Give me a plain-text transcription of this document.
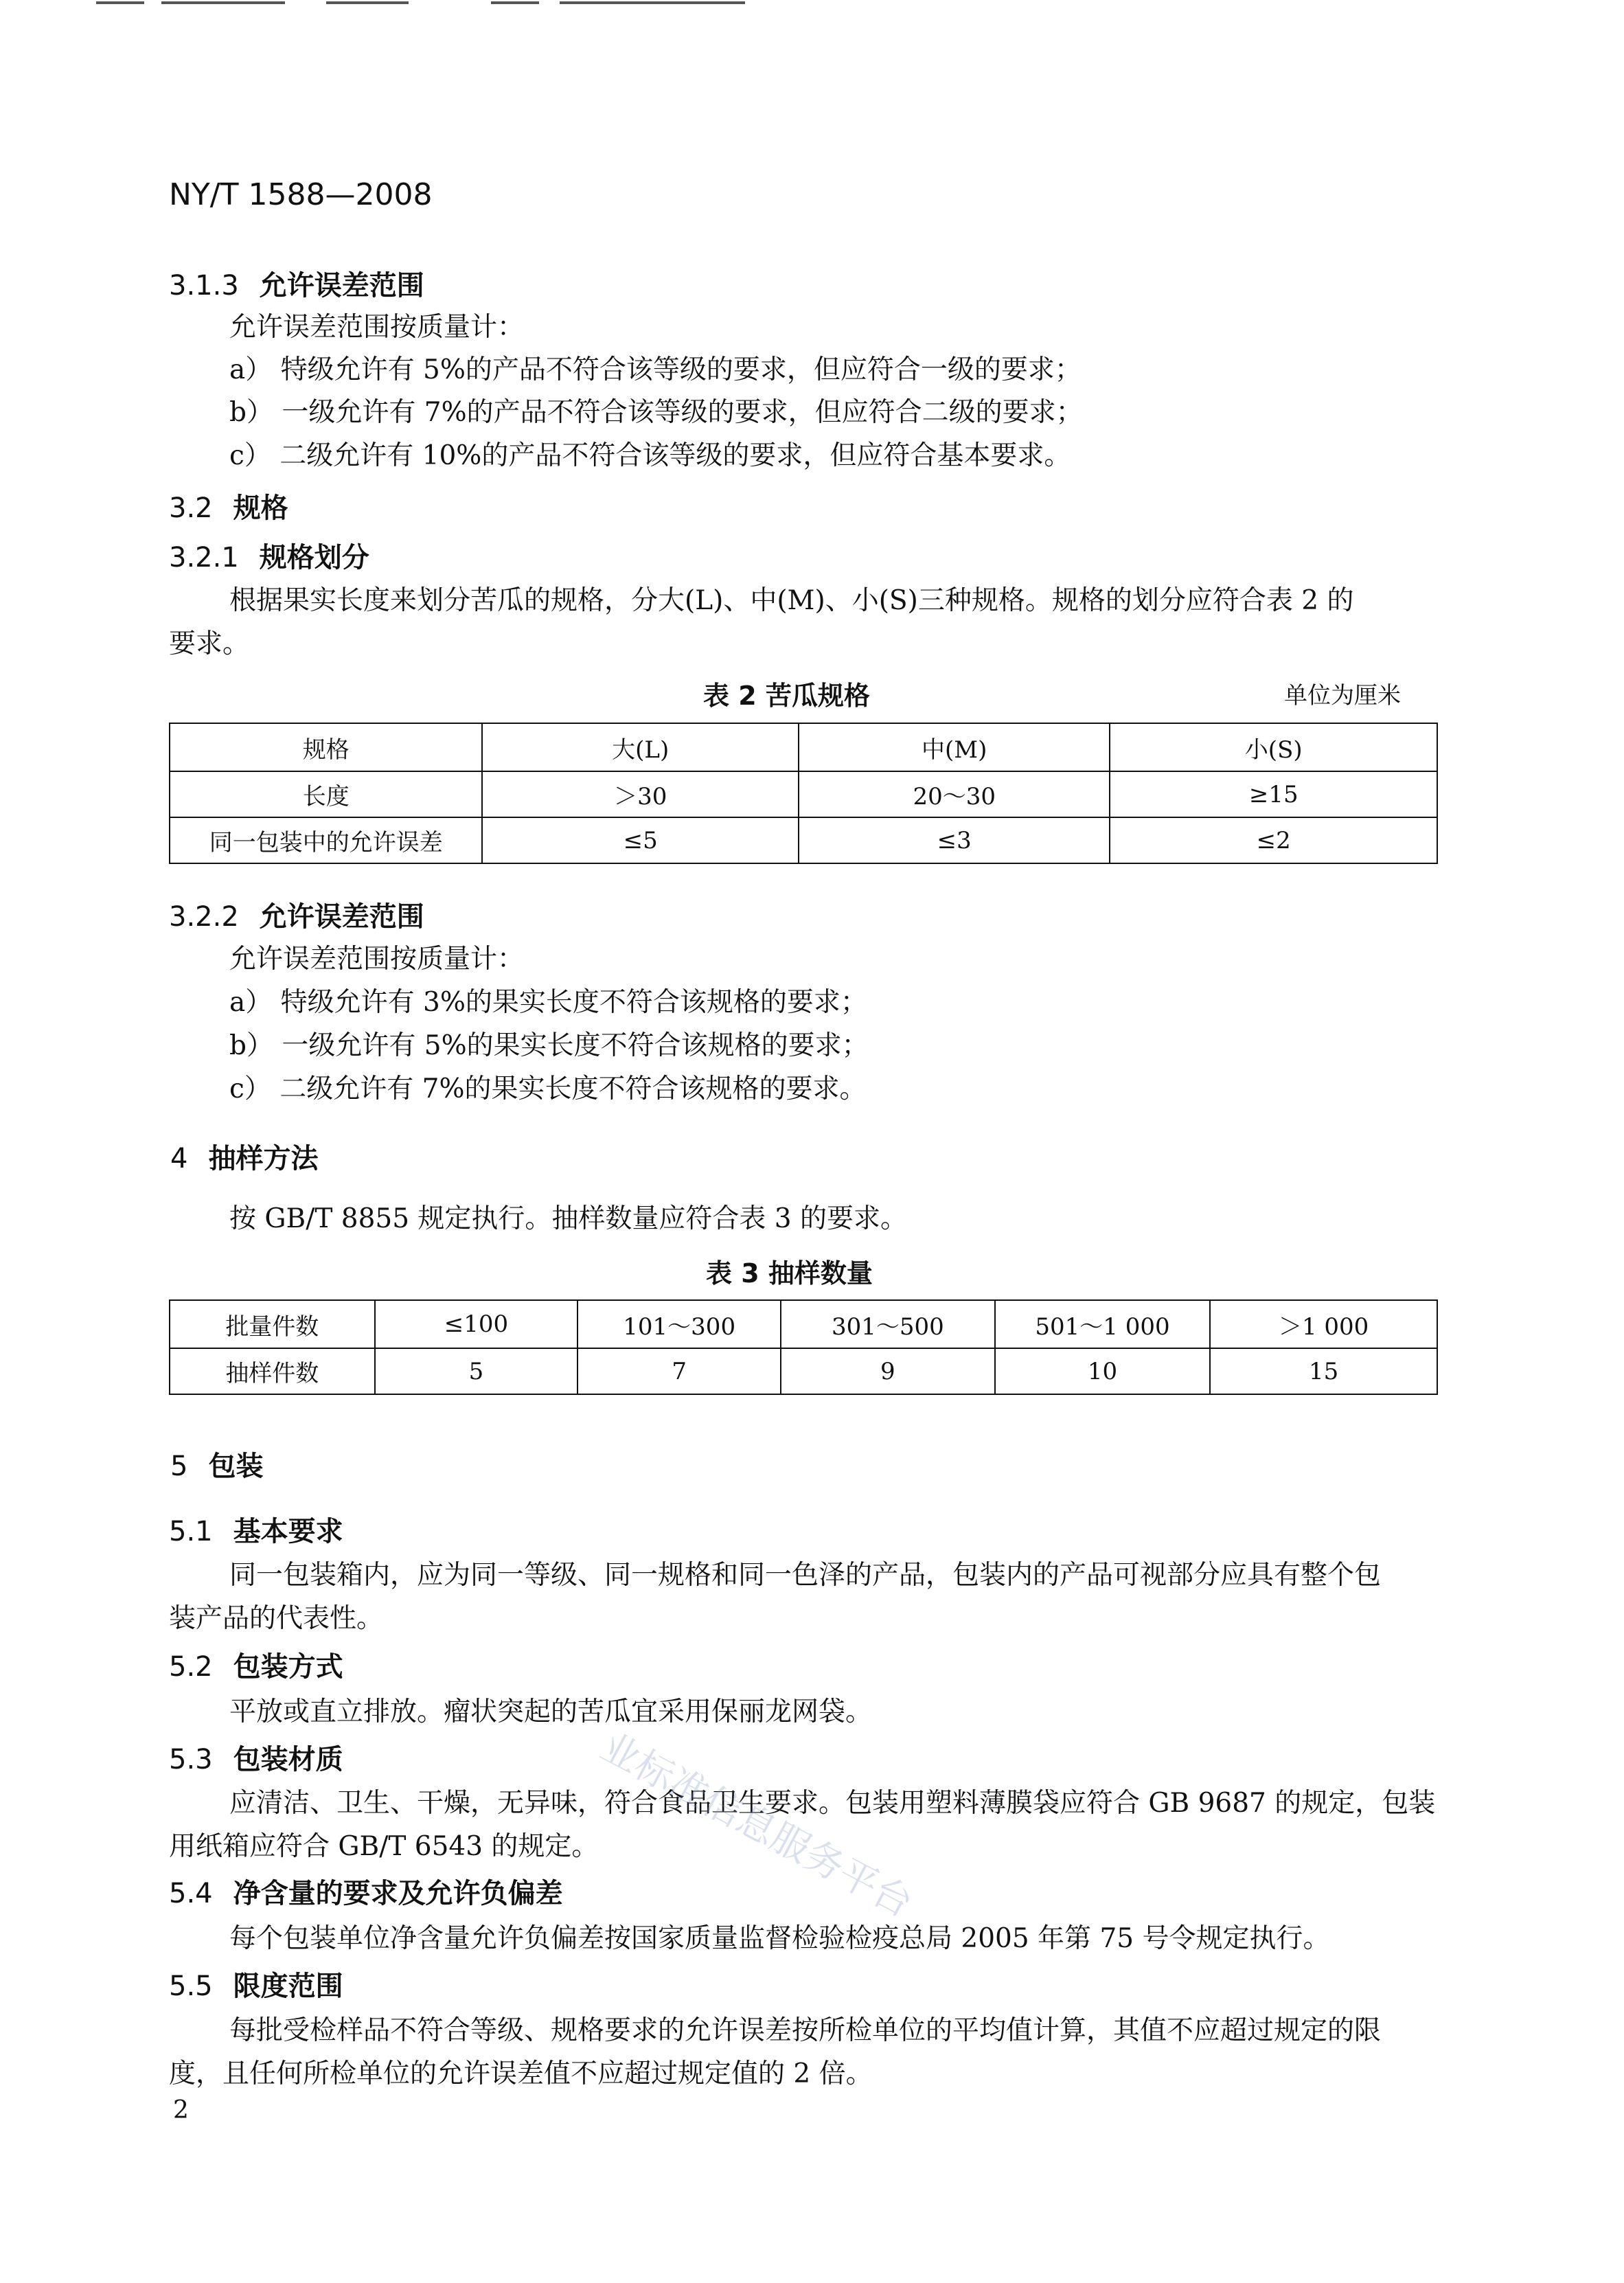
NY/T 1588—2008
3.1.3 允许误差范围
允许误差范围按质量计：
a） 特级允许有 5%的产品不符合该等级的要求，但应符合一级的要求；
b） 一级允许有 7%的产品不符合该等级的要求，但应符合二级的要求；
c） 二级允许有 10%的产品不符合该等级的要求，但应符合基本要求。
3.2 规格
3.2.1 规格划分
根据果实长度来划分苦瓜的规格，分大(L)、中(M)、小(S)三种规格。规格的划分应符合表 2 的
要求。
表 2 苦瓜规格	单位为厘米
规格	大(L)	中(M)	小(S)
长度	＞30	20～30	≥15
同一包装中的允许误差	≤5	≤3	≤2
3.2.2 允许误差范围
允许误差范围按质量计：
a） 特级允许有 3%的果实长度不符合该规格的要求；
b） 一级允许有 5%的果实长度不符合该规格的要求；
c） 二级允许有 7%的果实长度不符合该规格的要求。
4 抽样方法
按 GB/T 8855 规定执行。抽样数量应符合表 3 的要求。
表 3 抽样数量
批量件数	≤100	101～300	301～500	501～1 000	＞1 000
抽样件数	5	7	9	10	15
5 包装
5.1 基本要求
同一包装箱内，应为同一等级、同一规格和同一色泽的产品，包装内的产品可视部分应具有整个包
装产品的代表性。
5.2 包装方式
平放或直立排放。瘤状突起的苦瓜宜采用保丽龙网袋。
5.3 包装材质
应清洁、卫生、干燥，无异味，符合食品卫生要求。包装用塑料薄膜袋应符合 GB 9687 的规定，包装
用纸箱应符合 GB/T 6543 的规定。
5.4 净含量的要求及允许负偏差
每个包装单位净含量允许负偏差按国家质量监督检验检疫总局 2005 年第 75 号令规定执行。
5.5 限度范围
每批受检样品不符合等级、规格要求的允许误差按所检单位的平均值计算，其值不应超过规定的限
度，且任何所检单位的允许误差值不应超过规定值的 2 倍。
业标准信息服务平台
2
